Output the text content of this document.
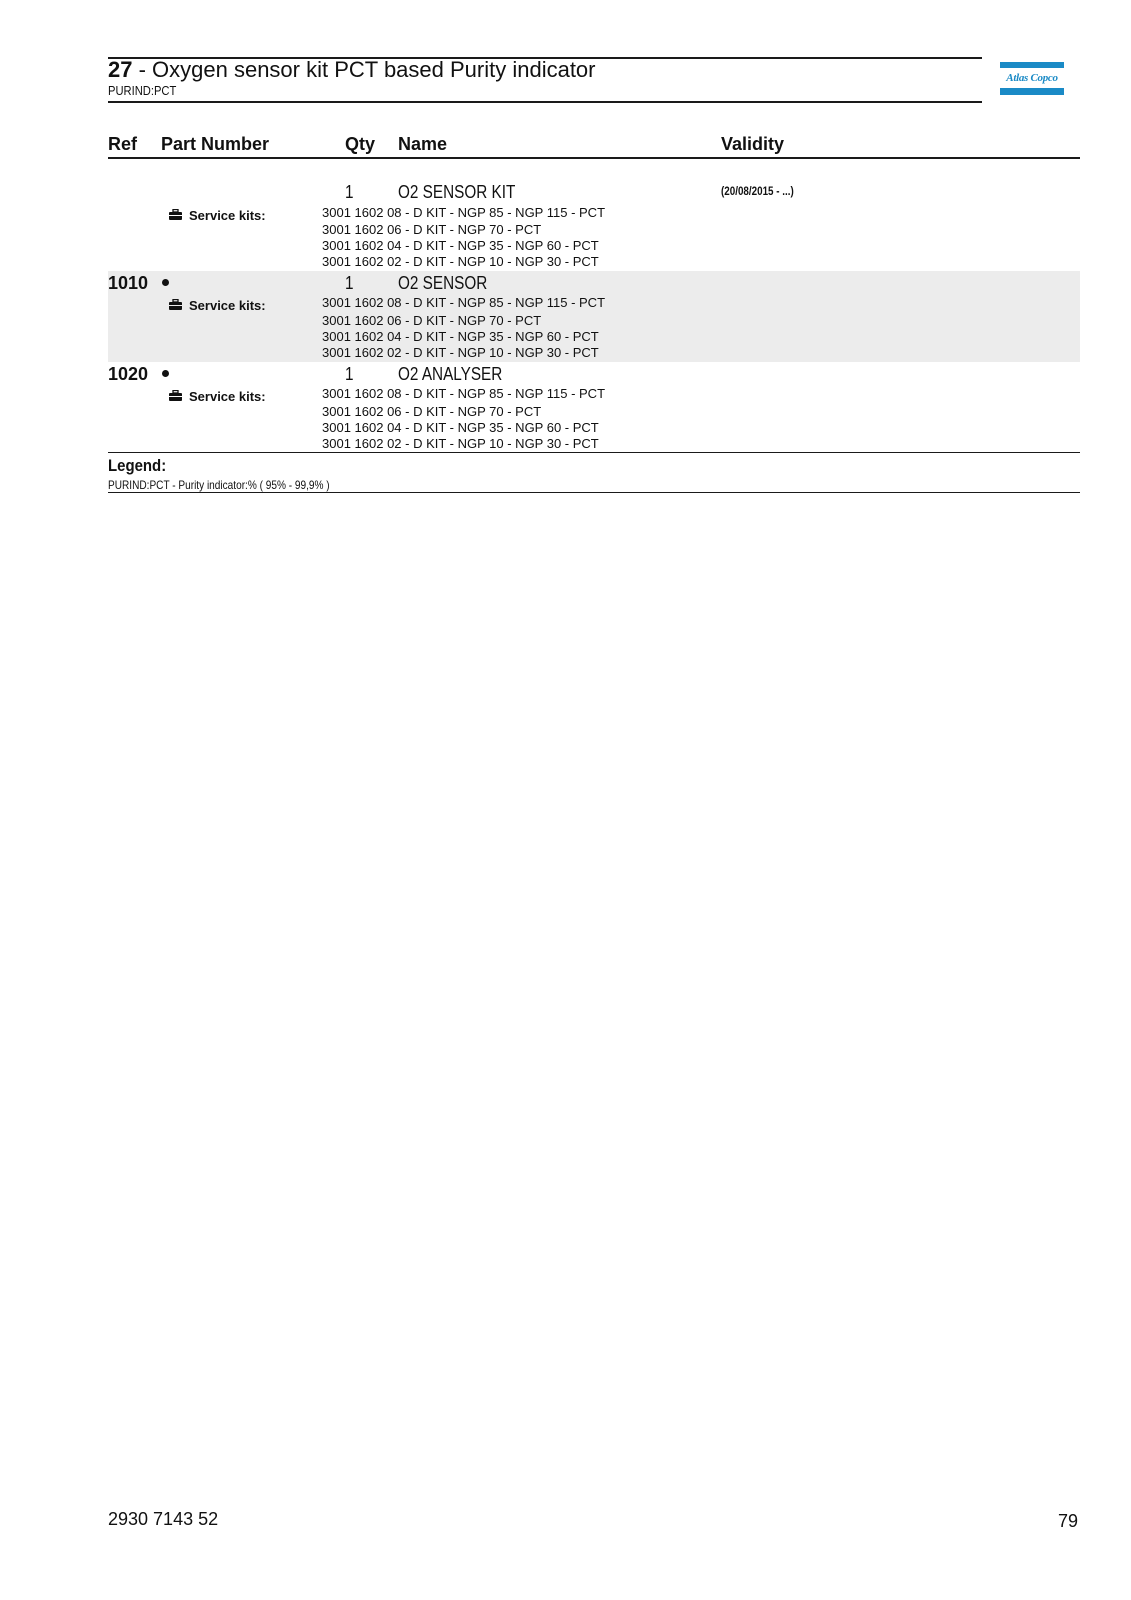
27 - Oxygen sensor kit PCT based Purity indicator
PURIND:PCT
Atlas Copco
Ref Part Number	Qty Name	Validity
1 O2 SENSOR KIT	(20/08/2015 - ...)
Service kits:	3001 1602 08 - D KIT - NGP 85 - NGP 115 - PCT
3001 1602 06 - D KIT - NGP 70 - PCT
3001 1602 04 - D KIT - NGP 35 - NGP 60 - PCT
3001 1602 02 - D KIT - NGP 10 - NGP 30 - PCT
1010	1 O2 SENSOR
Service kits:	3001 1602 08 - D KIT - NGP 85 - NGP 115 - PCT
3001 1602 06 - D KIT - NGP 70 - PCT
3001 1602 04 - D KIT - NGP 35 - NGP 60 - PCT
3001 1602 02 - D KIT - NGP 10 - NGP 30 - PCT
1020	1 O2 ANALYSER
Service kits:	3001 1602 08 - D KIT - NGP 85 - NGP 115 - PCT
3001 1602 06 - D KIT - NGP 70 - PCT
3001 1602 04 - D KIT - NGP 35 - NGP 60 - PCT
3001 1602 02 - D KIT - NGP 10 - NGP 30 - PCT
Legend:
PURIND:PCT - Purity indicator:% ( 95% - 99,9% )
2930 7143 52	79
